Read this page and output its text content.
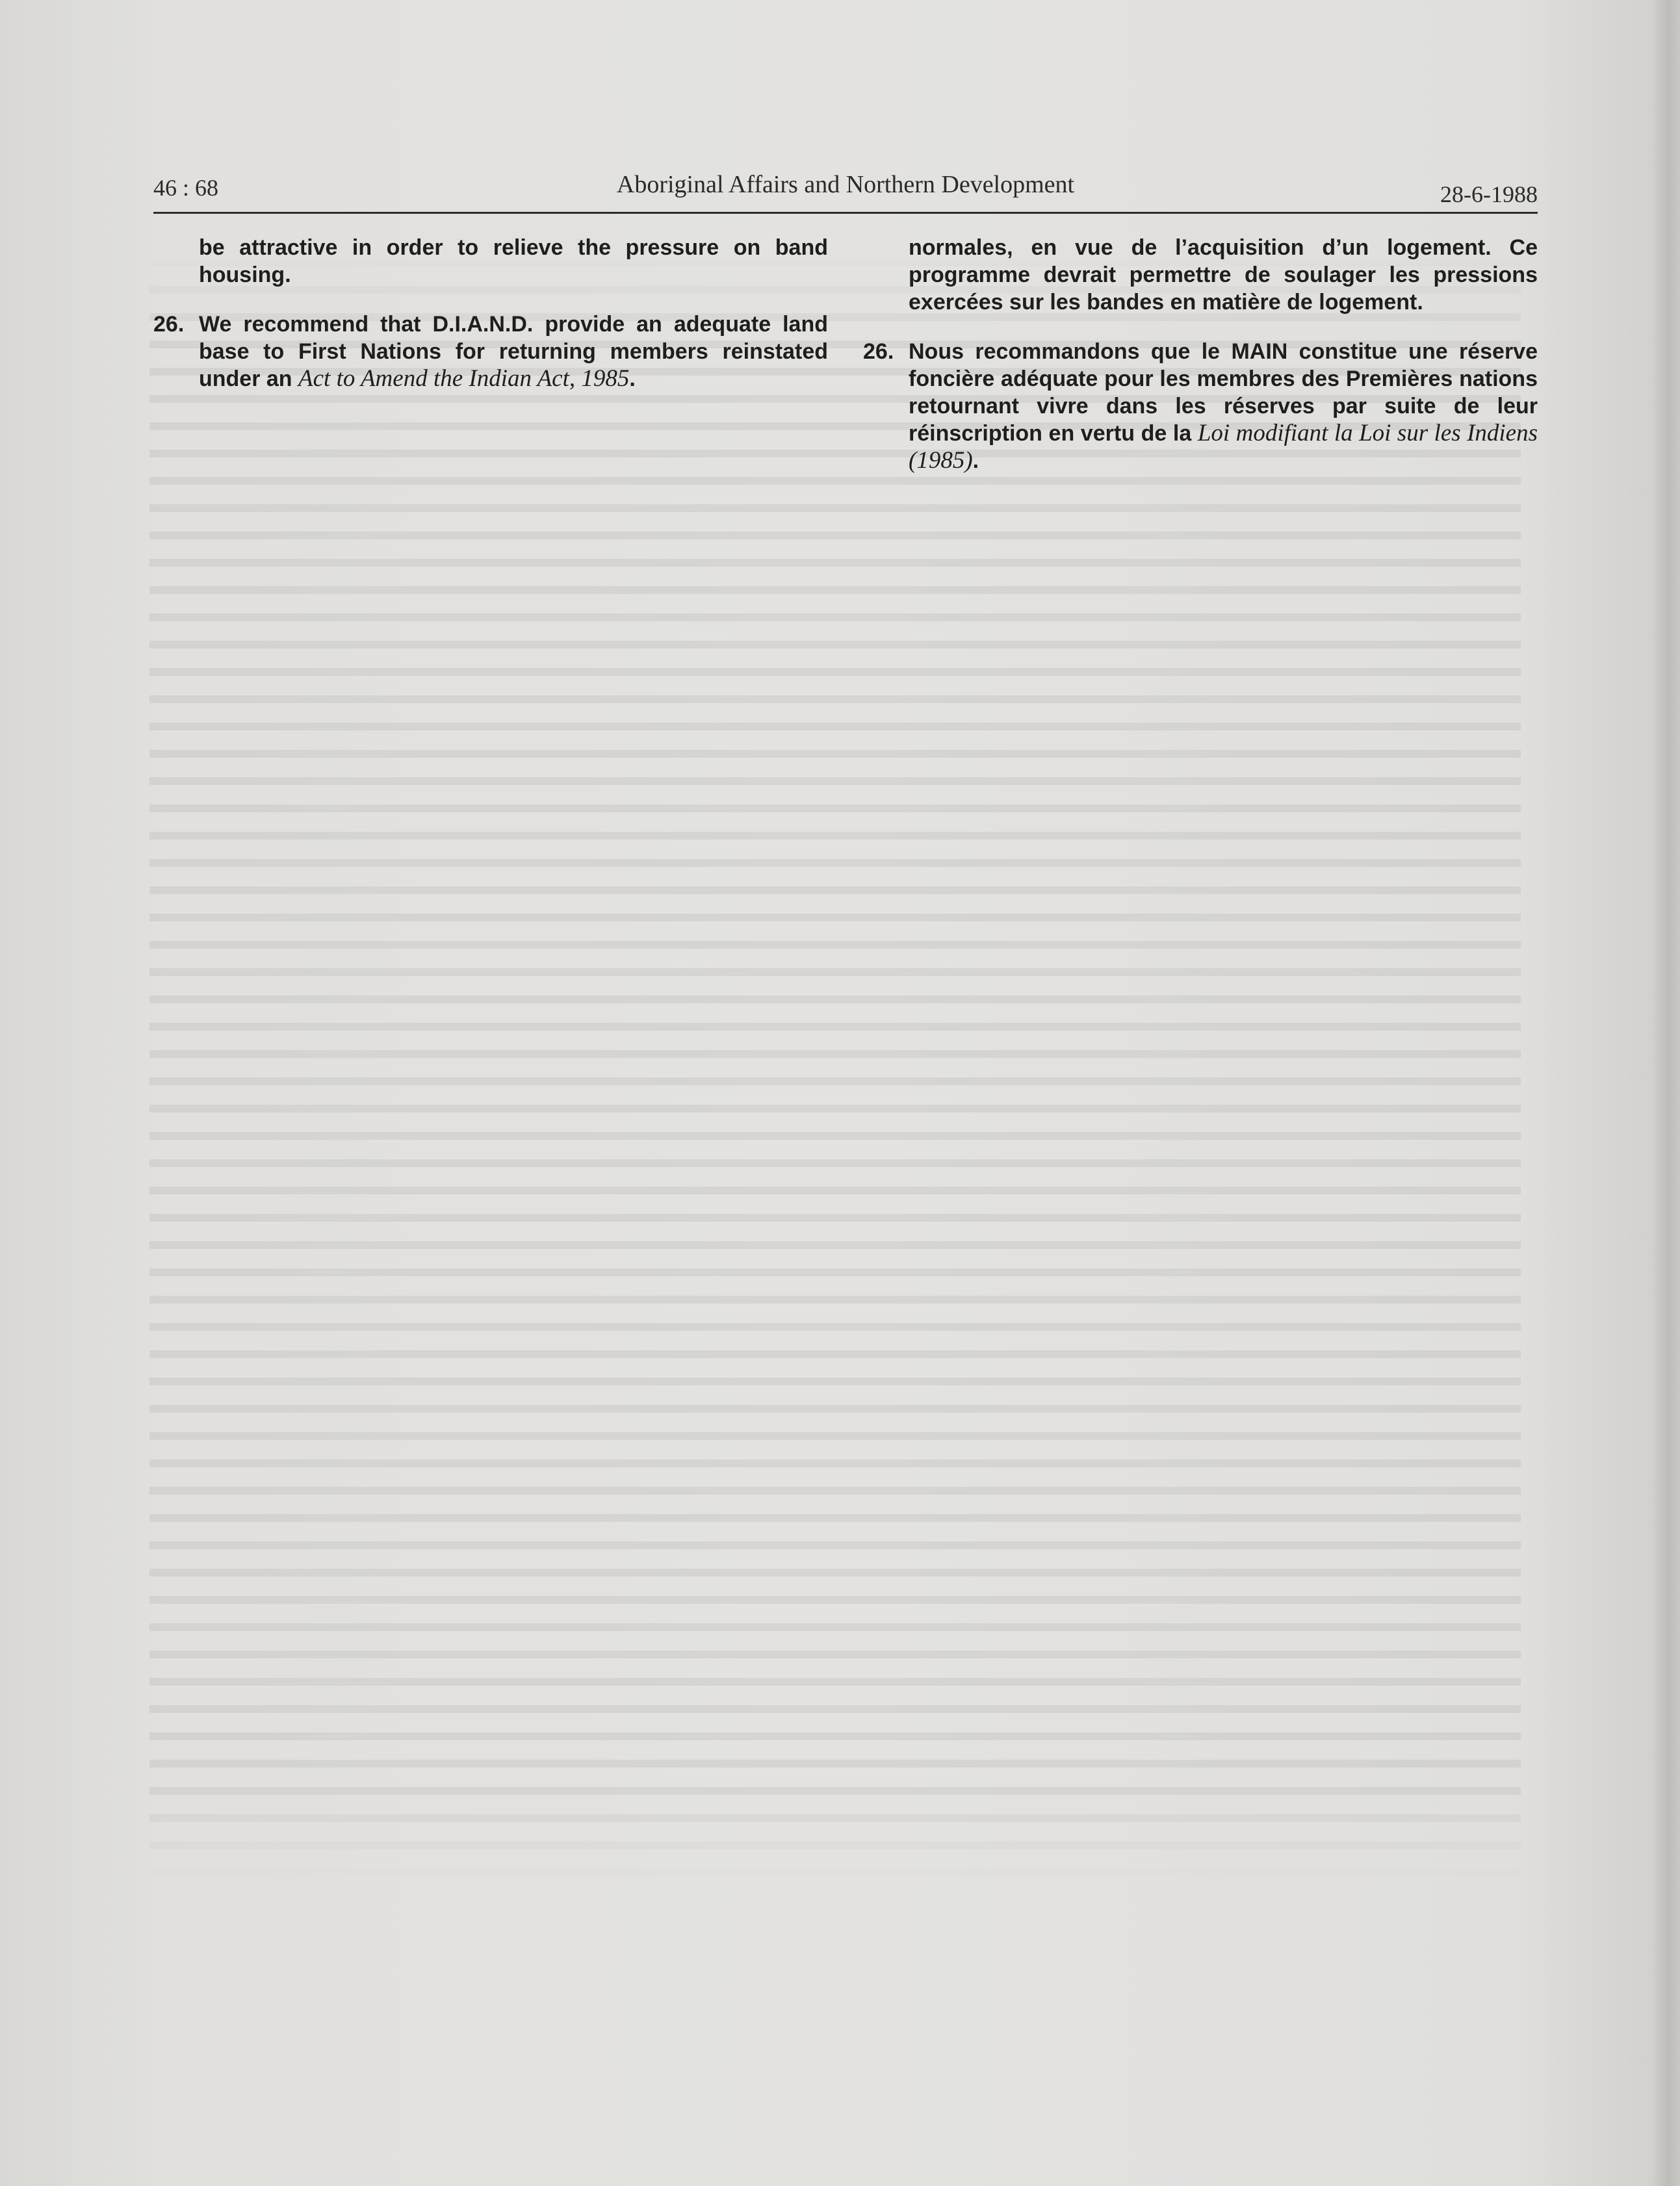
46 : 68	Aboriginal Affairs and Northern Development	28-6-1988

be attractive in order to relieve the pressure on band housing.

26. We recommend that D.I.A.N.D. provide an adequate land base to First Nations for returning members reinstated under an Act to Amend the Indian Act, 1985.

normales, en vue de l’acquisition d’un logement. Ce programme devrait permettre de soulager les pressions exercées sur les bandes en matière de logement.

26. Nous recommandons que le MAIN constitue une réserve foncière adéquate pour les membres des Premières nations retournant vivre dans les réserves par suite de leur réinscription en vertu de la Loi modifiant la Loi sur les Indiens (1985).
